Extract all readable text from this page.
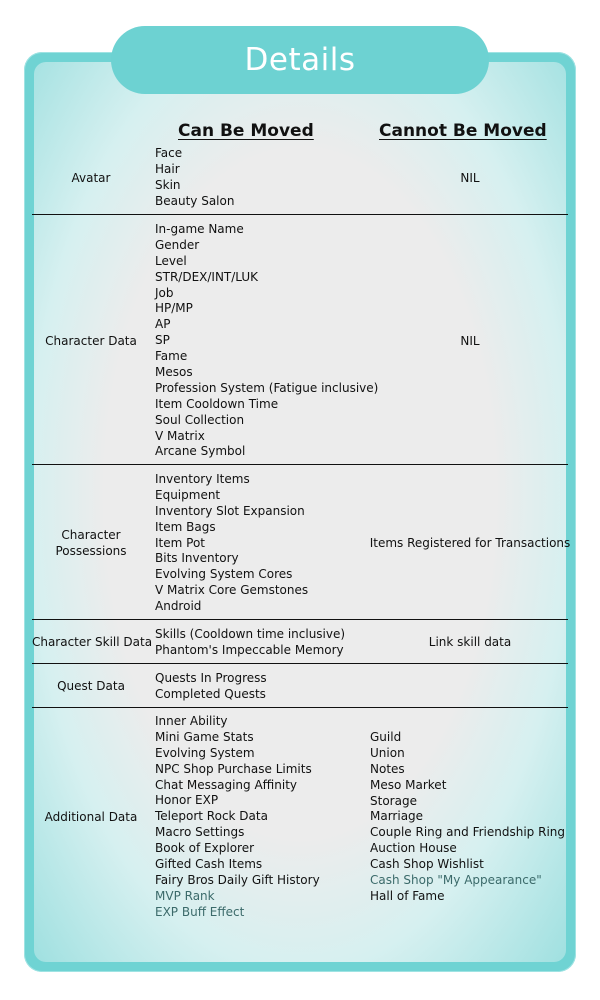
Details
Can Be Moved	Cannot Be Moved
Avatar
Face
Hair
Skin
Beauty Salon
NIL
Character Data
In-game Name
Gender
Level
STR/DEX/INT/LUK
Job
HP/MP
AP
SP
Fame
Mesos
Profession System (Fatigue inclusive)
Item Cooldown Time
Soul Collection
V Matrix
Arcane Symbol
NIL
Character Possessions
Inventory Items
Equipment
Inventory Slot Expansion
Item Bags
Item Pot
Bits Inventory
Evolving System Cores
V Matrix Core Gemstones
Android
Items Registered for Transactions
Character Skill Data
Skills (Cooldown time inclusive)
Phantom's Impeccable Memory
Link skill data
Quest Data
Quests In Progress
Completed Quests
Additional Data
Inner Ability
Mini Game Stats
Evolving System
NPC Shop Purchase Limits
Chat Messaging Affinity
Honor EXP
Teleport Rock Data
Macro Settings
Book of Explorer
Gifted Cash Items
Fairy Bros Daily Gift History
MVP Rank
EXP Buff Effect
Guild
Union
Notes
Meso Market
Storage
Marriage
Couple Ring and Friendship Ring
Auction House
Cash Shop Wishlist
Cash Shop "My Appearance"
Hall of Fame
